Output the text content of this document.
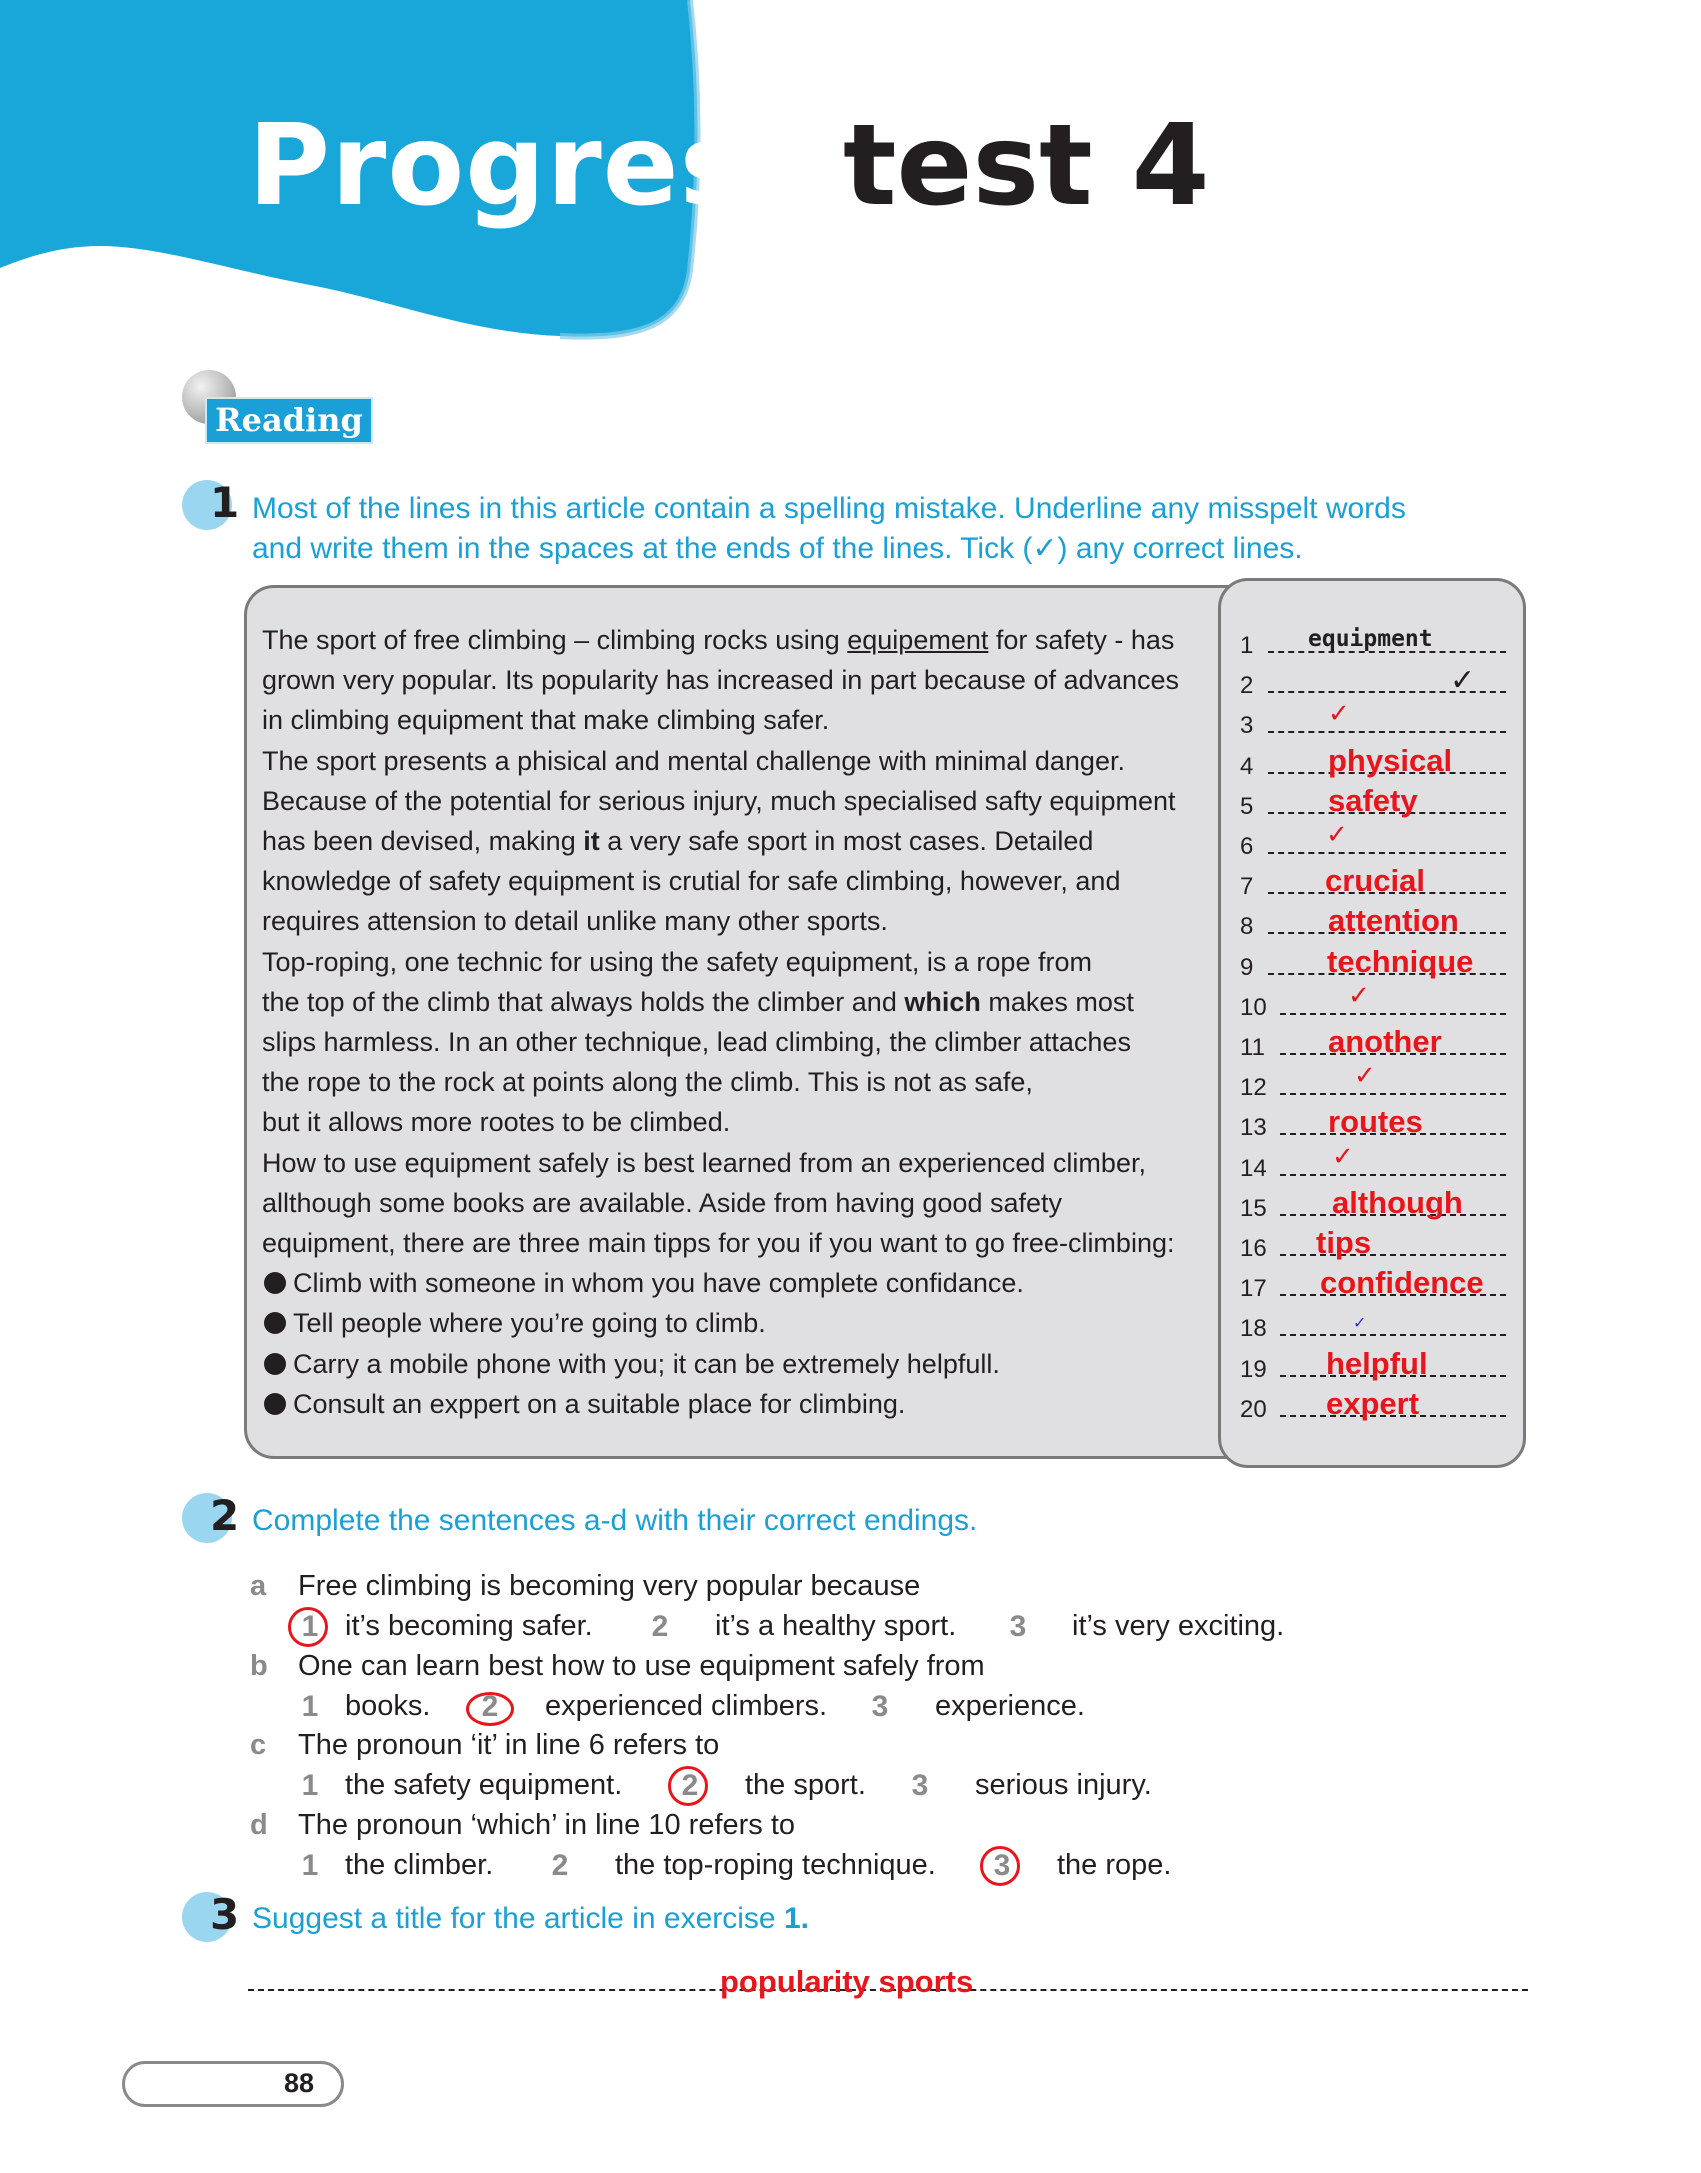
Progress test 4
Reading
1 Most of the lines in this article contain a spelling mistake. Underline any misspelt words
and write them in the spaces at the ends of the lines. Tick (✓) any correct lines.
The sport of free climbing – climbing rocks using equipement for safety - has
grown very popular. Its popularity has increased in part because of advances
in climbing equipment that make climbing safer.
The sport presents a phisical and mental challenge with minimal danger.
Because of the potential for serious injury, much specialised safty equipment
has been devised, making it a very safe sport in most cases. Detailed
knowledge of safety equipment is crutial for safe climbing, however, and
requires attension to detail unlike many other sports.
Top-roping, one technic for using the safety equipment, is a rope from
the top of the climb that always holds the climber and which makes most
slips harmless. In an other technique, lead climbing, the climber attaches
the rope to the rock at points along the climb. This is not as safe,
but it allows more rootes to be climbed.
How to use equipment safely is best learned from an experienced climber,
allthough some books are available. Aside from having good safety
equipment, there are three main tipps for you if you want to go free-climbing:
Climb with someone in whom you have complete confidance.
Tell people where you’re going to climb.
Carry a mobile phone with you; it can be extremely helpfull.
Consult an exppert on a suitable place for climbing.
1 equipment
2	✓
3	✓
4 physical
5 safety
6	✓
7 crucial
8 attention
9 technique
10	✓
11 another
12	✓
13 routes
14	✓
15 although
16 tips
17 confidence
18	✓
19 helpful
20 expert
2 Complete the sentences a-d with their correct endings.
a Free climbing is becoming very popular because
1 it’s becoming safer. 2 it’s a healthy sport. 3 it’s very exciting.
b One can learn best how to use equipment safely from
1 books. 2 experienced climbers. 3 experience.
c The pronoun ‘it’ in line 6 refers to
1 the safety equipment. 2 the sport. 3 serious injury.
d The pronoun ‘which’ in line 10 refers to
1 the climber. 2 the top-roping technique. 3 the rope.
3 Suggest a title for the article in exercise 1.
popularity sports
88
